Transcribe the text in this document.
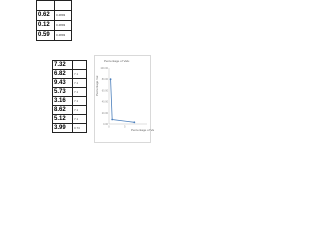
0.62	0.4893
0.12	0.4893
0.59	0.4893
7.32	
6.82	7.1
9.43	7.1
5.73	7.1
3.16	7.1
8.62	7.1
5.12	7.1
3.99	0.73
Percentage of Valu
Percentage Val
Percentage of Va
100.00
80.00
60.00
40.00
20.00
0.00
0	5
